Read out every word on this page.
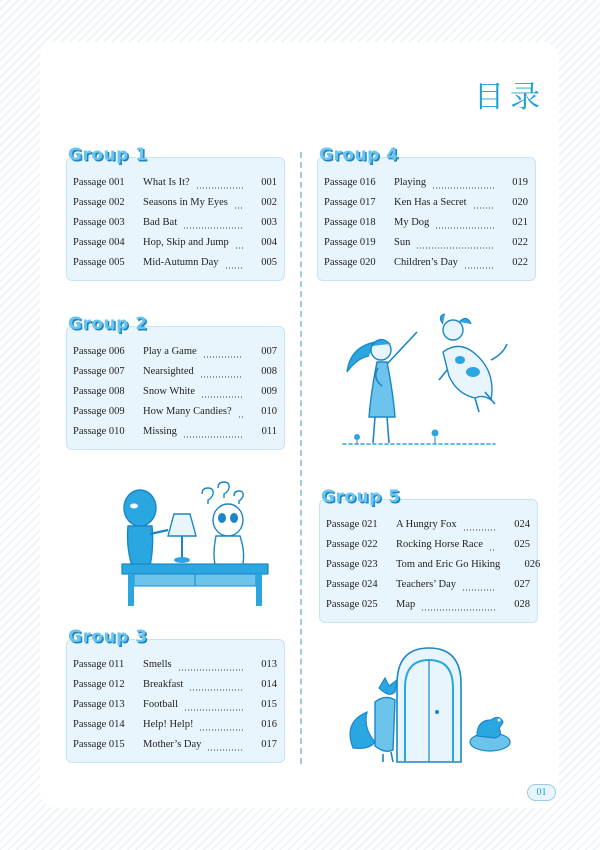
目录
Group 1
Passage 001	What Is It?	001
Passage 002	Seasons in My Eyes	002
Passage 003	Bad Bat	003
Passage 004	Hop, Skip and Jump	004
Passage 005	Mid-Autumn Day	005
Group 2
Passage 006	Play a Game	007
Passage 007	Nearsighted	008
Passage 008	Snow White	009
Passage 009	How Many Candies?	010
Passage 010	Missing	011
Group 3
Passage 011	Smells	013
Passage 012	Breakfast	014
Passage 013	Football	015
Passage 014	Help! Help!	016
Passage 015	Mother’s Day	017
Group 4
Passage 016	Playing	019
Passage 017	Ken Has a Secret	020
Passage 018	My Dog	021
Passage 019	Sun	022
Passage 020	Children’s Day	022
Group 5
Passage 021	A Hungry Fox	024
Passage 022	Rocking Horse Race	025
Passage 023	Tom and Eric Go Hiking	026
Passage 024	Teachers’ Day	027
Passage 025	Map	028
01
